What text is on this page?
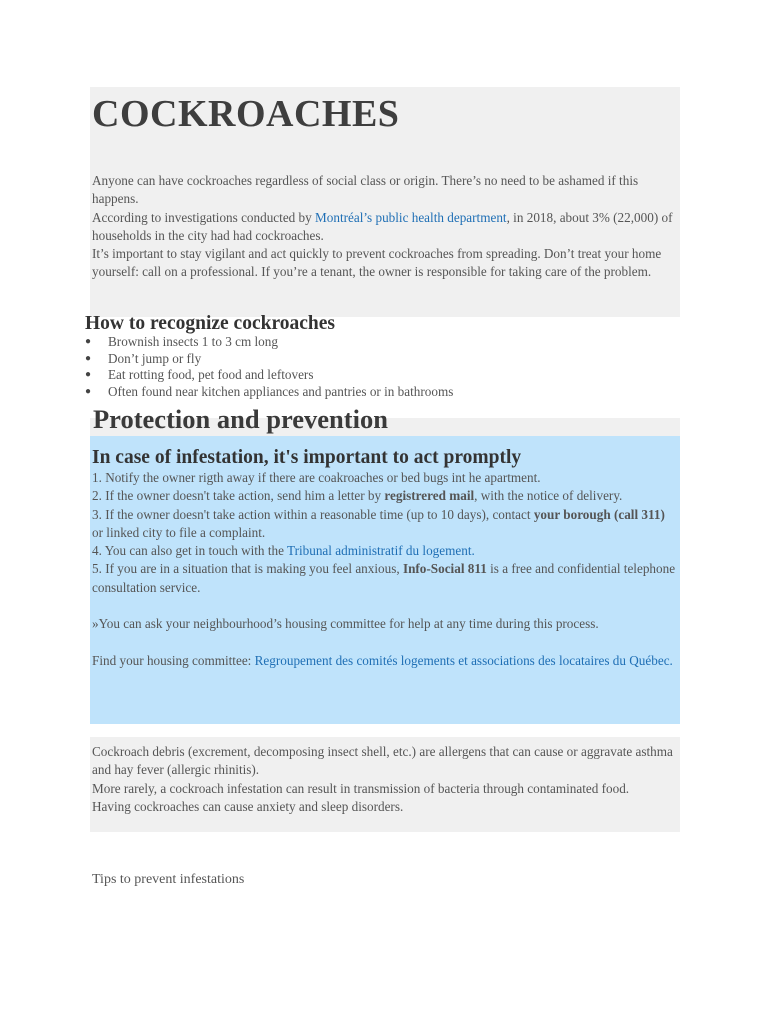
COCKROACHES

Anyone can have cockroaches regardless of social class or origin. There’s no need to be ashamed if this happens.

According to investigations conducted by Montréal’s public health department, in 2018, about 3% (22,000) of households in the city had had cockroaches.

It’s important to stay vigilant and act quickly to prevent cockroaches from spreading. Don’t treat your home yourself: call on a professional. If you’re a tenant, the owner is responsible for taking care of the problem.

How to recognize cockroaches
● Brownish insects 1 to 3 cm long
● Don’t jump or fly
● Eat rotting food, pet food and leftovers
● Often found near kitchen appliances and pantries or in bathrooms
Protection and prevention
In case of infestation, it's important to act promptly

1. Notify the owner rigth away if there are coakroaches or bed bugs int he apartment.

2. If the owner doesn't take action, send him a letter by registrered mail, with the notice of delivery.

3. If the owner doesn't take action within a reasonable time (up to 10 days), contact your borough (call 311) or linked city to file a complaint.

4. You can also get in touch with the Tribunal administratif du logement.

5. If you are in a situation that is making you feel anxious, Info-Social 811 is a free and confidential telephone consultation service.

»You can ask your neighbourhood’s housing committee for help at any time during this process.

Find your housing committee: Regroupement des comités logements et associations des locataires du Québec.

Cockroach debris (excrement, decomposing insect shell, etc.) are allergens that can cause or aggravate asthma and hay fever (allergic rhinitis).

More rarely, a cockroach infestation can result in transmission of bacteria through contaminated food.

Having cockroaches can cause anxiety and sleep disorders.

Tips to prevent infestations
